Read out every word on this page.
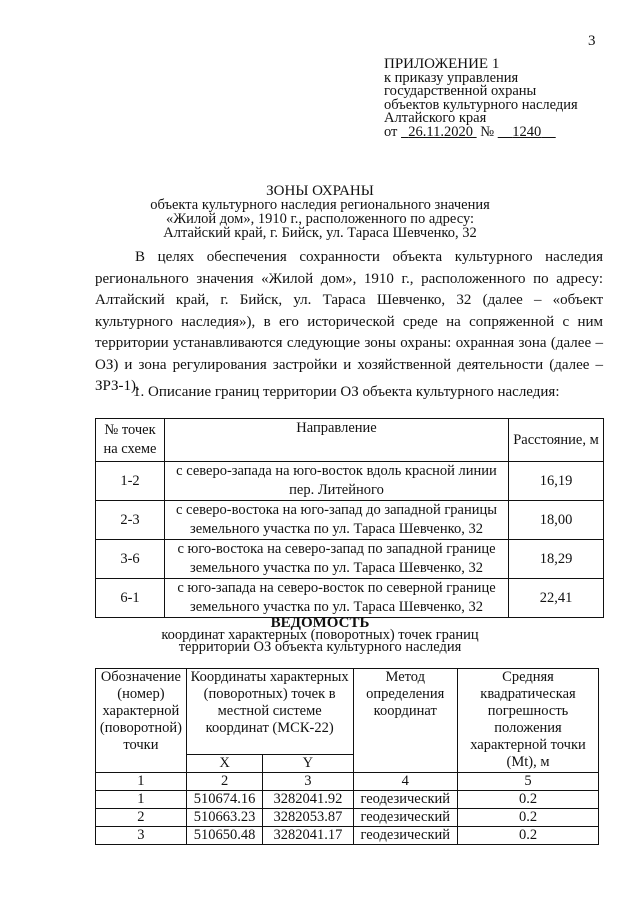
3
ПРИЛОЖЕНИЕ 1
к приказу управления
государственной охраны
объектов культурного наследия
Алтайского края
от 26.11.2020 № 1240
ЗОНЫ ОХРАНЫ
объекта культурного наследия регионального значения
«Жилой дом», 1910 г., расположенного по адресу:
Алтайский край, г. Бийск, ул. Тараса Шевченко, 32
В целях обеспечения сохранности объекта культурного наследия регионального значения «Жилой дом», 1910 г., расположенного по адресу: Алтайский край, г. Бийск, ул. Тараса Шевченко, 32 (далее – «объект культурного наследия»), в его исторической среде на сопряженной с ним территории устанавливаются следующие зоны охраны: охранная зона (далее – ОЗ) и зона регулирования застройки и хозяйственной деятельности (далее – ЗРЗ-1).
1. Описание границ территории ОЗ объекта культурного наследия:
№ точек на схеме	Направление	Расстояние, м
1-2	с северо-запада на юго-восток вдоль красной линии пер. Литейного	16,19
2-3	с северо-востока на юго-запад до западной границы земельного участка по ул. Тараса Шевченко, 32	18,00
3-6	с юго-востока на северо-запад по западной границе земельного участка по ул. Тараса Шевченко, 32	18,29
6-1	с юго-запада на северо-восток по северной границе земельного участка по ул. Тараса Шевченко, 32	22,41
ВЕДОМОСТЬ
координат характерных (поворотных) точек границ
территории ОЗ объекта культурного наследия
Обозначение (номер) характерной (поворотной) точки	Координаты характерных (поворотных) точек в местной системе координат (МСК-22)		Метод определения координат	Средняя квадратическая погрешность положения характерной точки (Mt), м
	X	Y		
1	2	3	4	5
1	510674.16	3282041.92	геодезический	0.2
2	510663.23	3282053.87	геодезический	0.2
3	510650.48	3282041.17	геодезический	0.2
